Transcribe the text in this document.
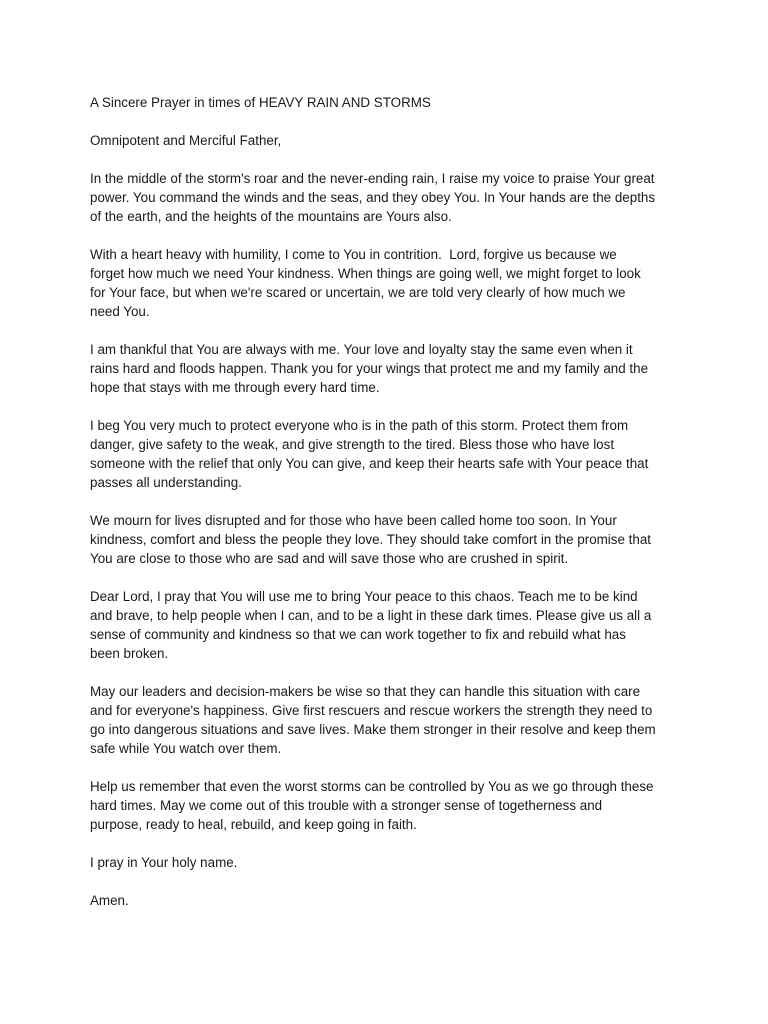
A Sincere Prayer in times of HEAVY RAIN AND STORMS

Omnipotent and Merciful Father,

In the middle of the storm's roar and the never-ending rain, I raise my voice to praise Your great
power. You command the winds and the seas, and they obey You. In Your hands are the depths
of the earth, and the heights of the mountains are Yours also.

With a heart heavy with humility, I come to You in contrition.  Lord, forgive us because we
forget how much we need Your kindness. When things are going well, we might forget to look
for Your face, but when we're scared or uncertain, we are told very clearly of how much we
need You.

I am thankful that You are always with me. Your love and loyalty stay the same even when it
rains hard and floods happen. Thank you for your wings that protect me and my family and the
hope that stays with me through every hard time.

I beg You very much to protect everyone who is in the path of this storm. Protect them from
danger, give safety to the weak, and give strength to the tired. Bless those who have lost
someone with the relief that only You can give, and keep their hearts safe with Your peace that
passes all understanding.

We mourn for lives disrupted and for those who have been called home too soon. In Your
kindness, comfort and bless the people they love. They should take comfort in the promise that
You are close to those who are sad and will save those who are crushed in spirit.

Dear Lord, I pray that You will use me to bring Your peace to this chaos. Teach me to be kind
and brave, to help people when I can, and to be a light in these dark times. Please give us all a
sense of community and kindness so that we can work together to fix and rebuild what has
been broken.

May our leaders and decision-makers be wise so that they can handle this situation with care
and for everyone's happiness. Give first rescuers and rescue workers the strength they need to
go into dangerous situations and save lives. Make them stronger in their resolve and keep them
safe while You watch over them.

Help us remember that even the worst storms can be controlled by You as we go through these
hard times. May we come out of this trouble with a stronger sense of togetherness and
purpose, ready to heal, rebuild, and keep going in faith.

I pray in Your holy name.

Amen.
